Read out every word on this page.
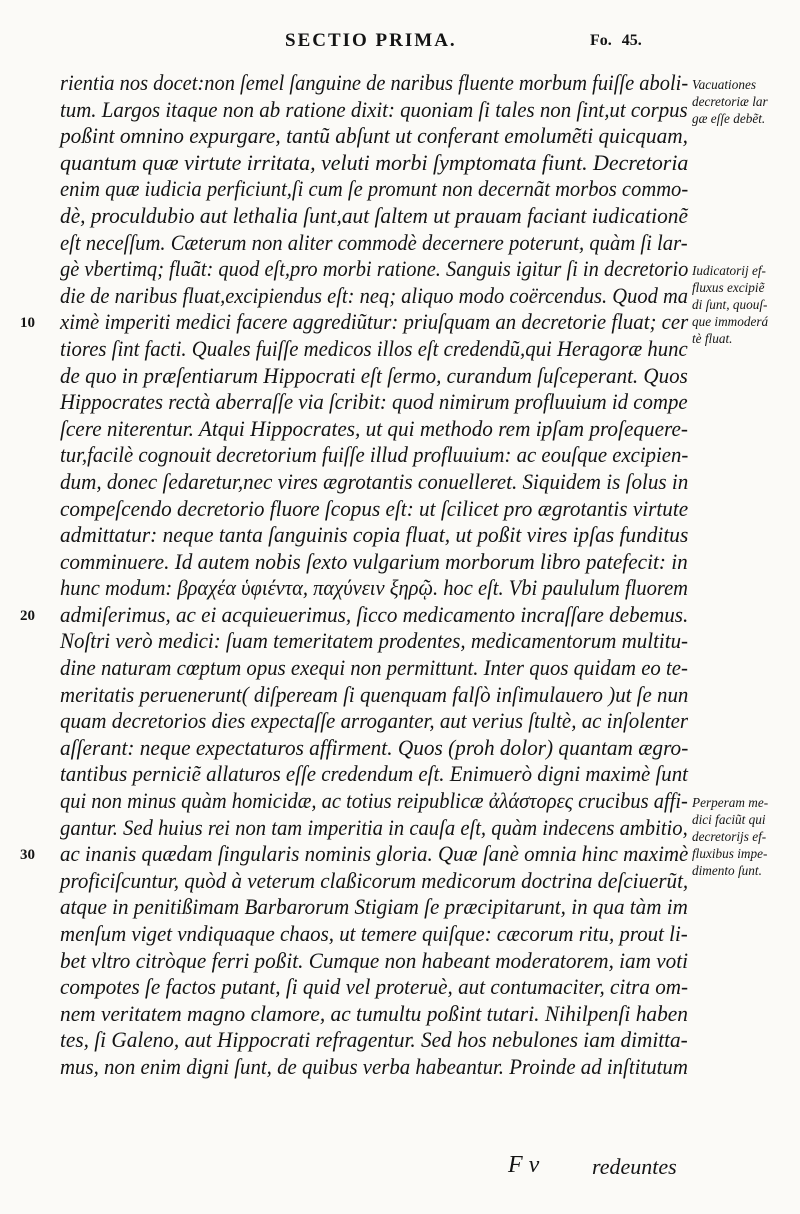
SECTIO PRIMA.	Fo. 45.
rientia nos docet:non ſemel ſanguine de naribus fluente morbum fuiſſe aboli-
tum. Largos itaque non ab ratione dixit: quoniam ſi tales non ſint,ut corpus
poßint omnino expurgare, tantũ abſunt ut conferant emolumẽti quicquam,
quantum quæ virtute irritata, veluti morbi ſymptomata fiunt. Decretoria
enim quæ iudicia perficiunt,ſi cum ſe promunt non decernãt morbos commo-
dè, proculdubio aut lethalia ſunt,aut ſaltem ut prauam faciant iudicationẽ
eſt neceſſum. Cæterum non aliter commodè decernere poterunt, quàm ſi lar-
gè vbertimq; fluãt: quod eſt,pro morbi ratione. Sanguis igitur ſi in decretorio
die de naribus fluat,excipiendus eſt: neq; aliquo modo coërcendus. Quod ma
ximè imperiti medici facere aggrediũtur: priuſquam an decretorie fluat; cer
tiores ſint facti. Quales fuiſſe medicos illos eſt credendũ,qui Heragoræ hunc
de quo in præſentiarum Hippocrati eſt ſermo, curandum ſuſceperant. Quos
Hippocrates rectà aberraſſe via ſcribit: quod nimirum profluuium id compe
ſcere niterentur. Atqui Hippocrates, ut qui methodo rem ipſam proſequere-
tur,facilè cognouit decretorium fuiſſe illud profluuium: ac eouſque excipien-
dum, donec ſedaretur,nec vires ægrotantis conuelleret. Siquidem is ſolus in
compeſcendo decretorio fluore ſcopus eſt: ut ſcilicet pro ægrotantis virtute
admittatur: neque tanta ſanguinis copia fluat, ut poßit vires ipſas funditus
comminuere. Id autem nobis ſexto vulgarium morborum libro patefecit: in
hunc modum: βραχέα ὑφιέντα, παχύνειν ξηρῷ. hoc eſt. Vbi paululum fluorem
admiſerimus, ac ei acquieuerimus, ſicco medicamento incraſſare debemus.
Noſtri verò medici: ſuam temeritatem prodentes, medicamentorum multitu-
dine naturam cœptum opus exequi non permittunt. Inter quos quidam eo te-
meritatis peruenerunt( diſpeream ſi quenquam falſò inſimulauero )ut ſe nun
quam decretorios dies expectaſſe arroganter, aut verius ſtultè, ac inſolenter
aſſerant: neque expectaturos affirment. Quos (proh dolor) quantam ægro-
tantibus perniciẽ allaturos eſſe credendum eſt. Enimuerò digni maximè ſunt
qui non minus quàm homicidæ, ac totius reipublicæ ἀλάστορες crucibus affi-
gantur. Sed huius rei non tam imperitia in cauſa eſt, quàm indecens ambitio,
ac inanis quædam ſingularis nominis gloria. Quæ ſanè omnia hinc maximè
proficiſcuntur, quòd à veterum claßicorum medicorum doctrina deſciuerũt,
atque in penitißimam Barbarorum Stigiam ſe præcipitarunt, in qua tàm im
menſum viget vndiquaque chaos, ut temere quiſque: cæcorum ritu, prout li-
bet vltro citròque ferri poßit. Cumque non habeant moderatorem, iam voti
compotes ſe factos putant, ſi quid vel proteruè, aut contumaciter, citra om-
nem veritatem magno clamore, ac tumultu poßint tutari. Nihilpenſi haben
tes, ſi Galeno, aut Hippocrati refragentur. Sed hos nebulones iam dimitta-
mus, non enim digni ſunt, de quibus verba habeantur. Proinde ad inſtitutum
10
20
30
Vacuationes
decretoriæ lar
gæ eſſe debẽt.
Iudicatorij ef-
fluxus excipiẽ
di ſunt, quouſ-
que immoderá
tè fluat.
Perperam me-
dici faciũt qui
decretorijs ef-
fluxibus impe-
dimento ſunt.
F v redeuntes
